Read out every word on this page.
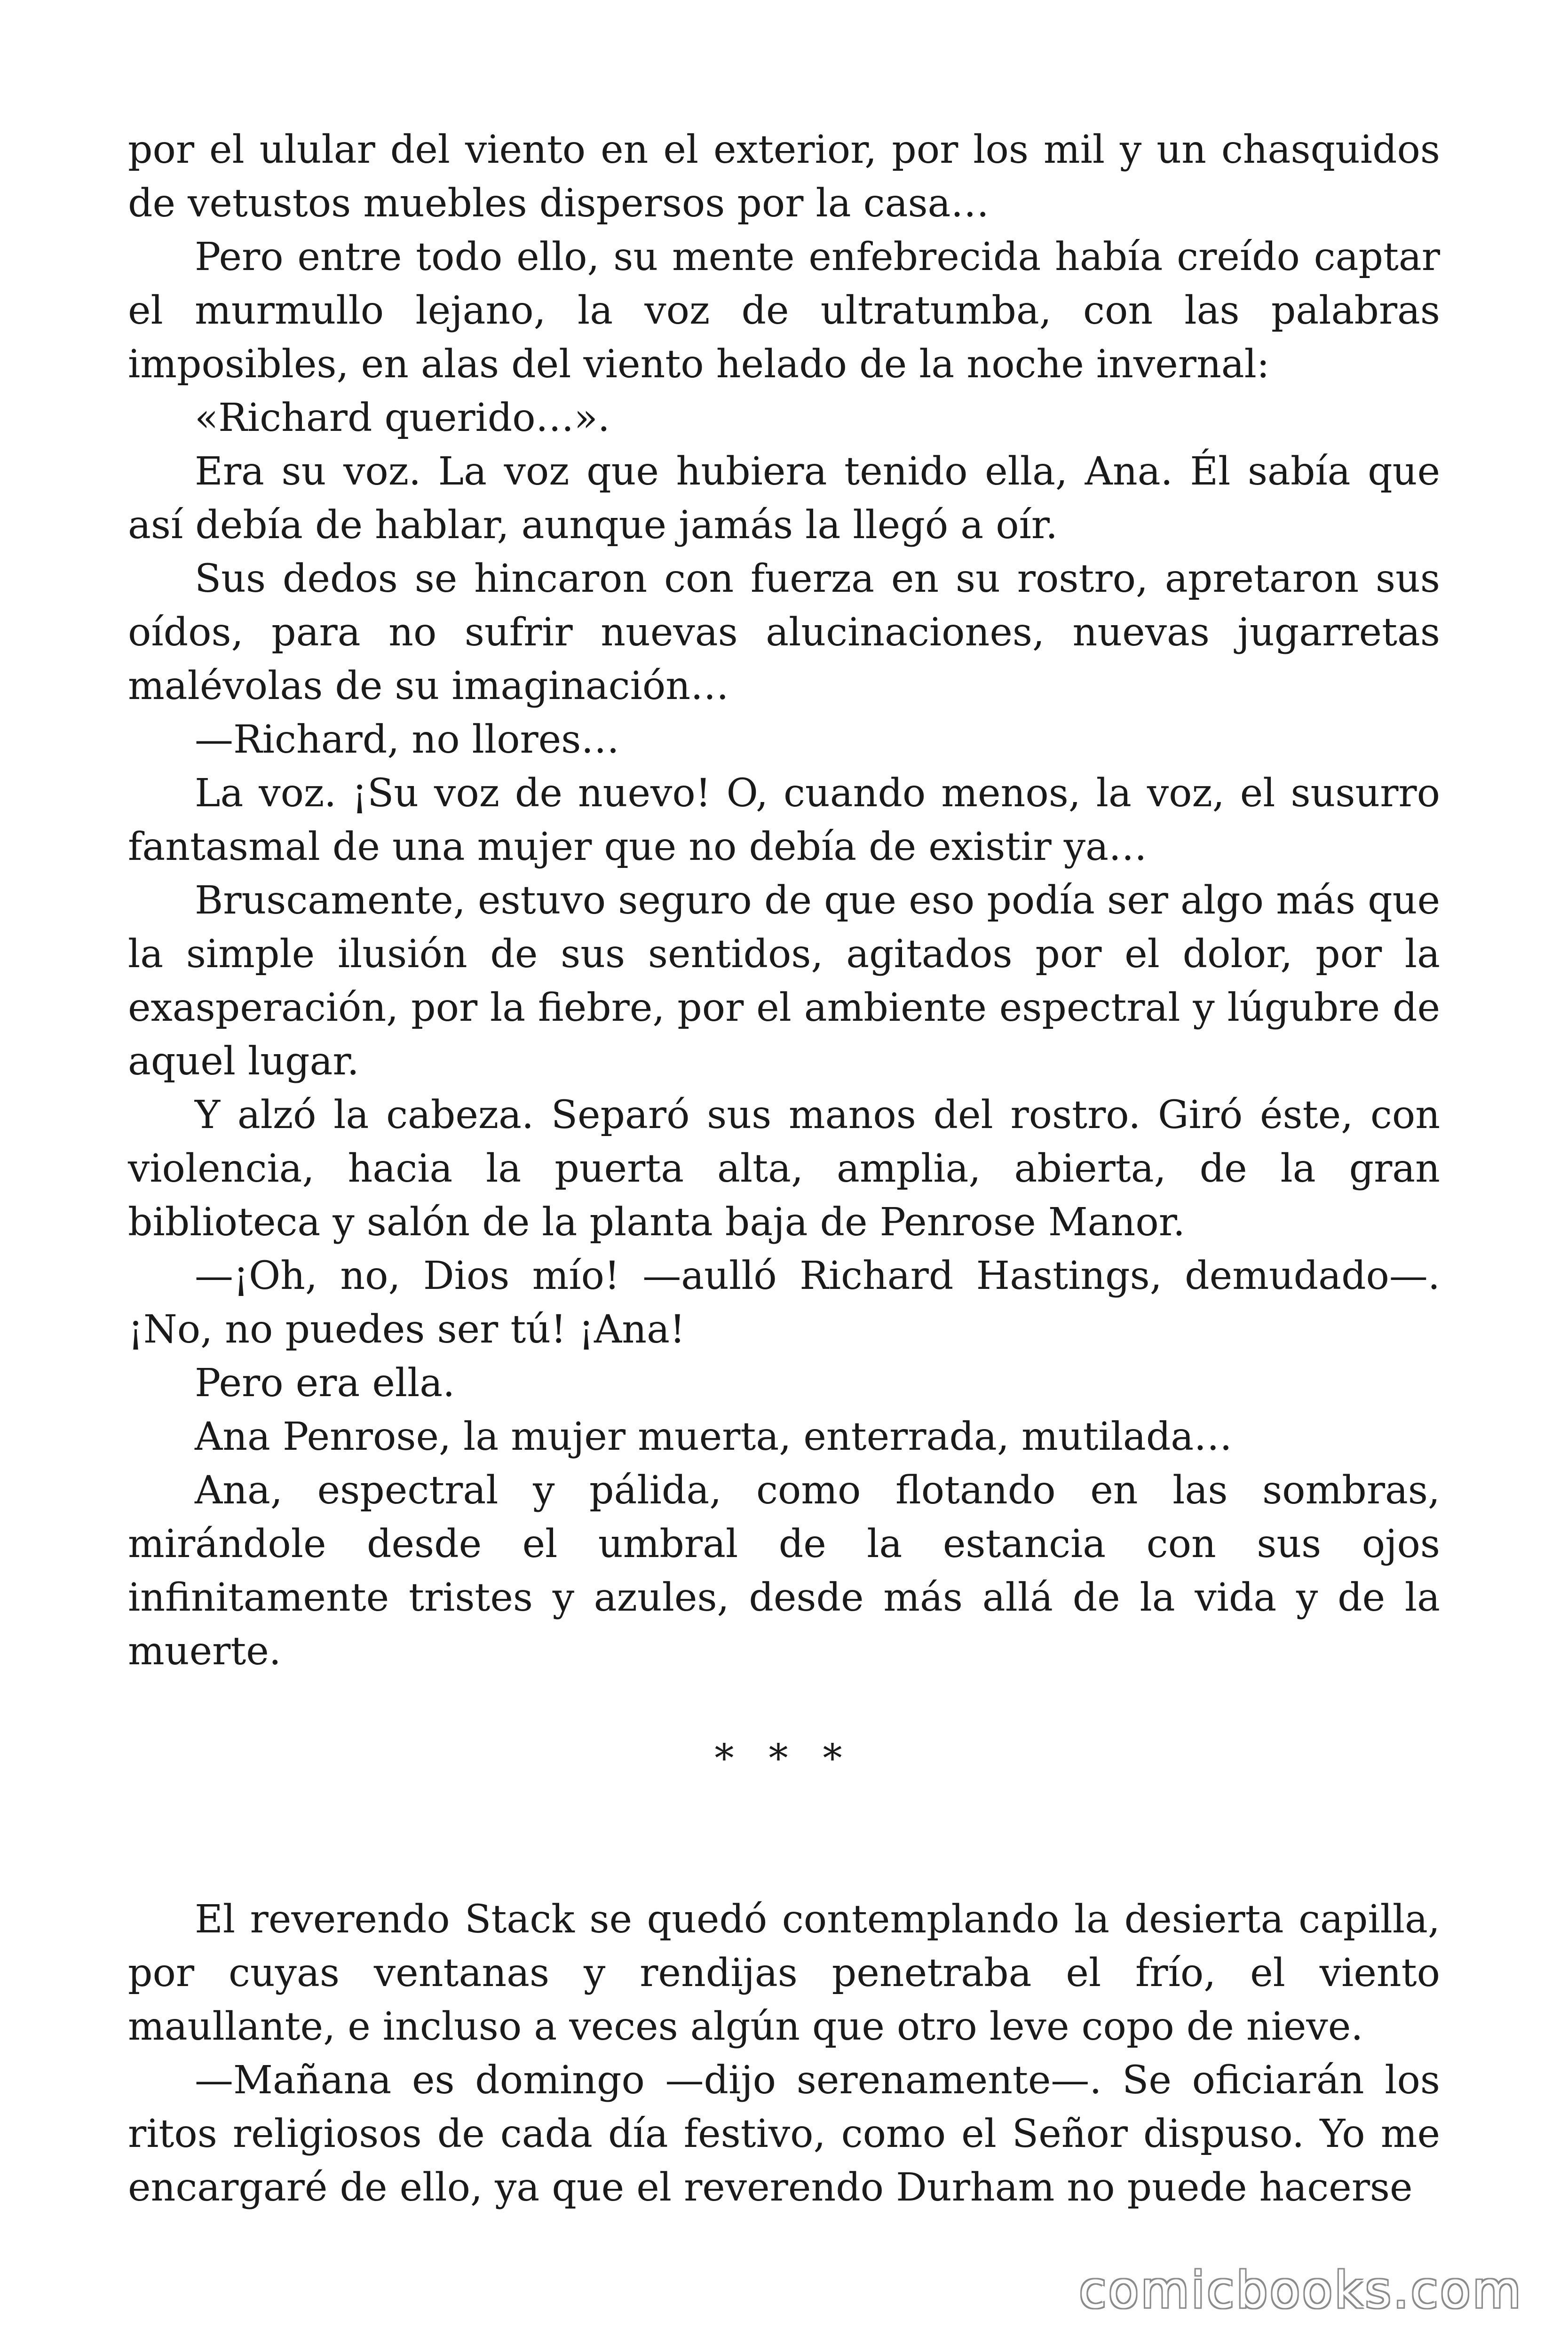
por el ulular del viento en el exterior, por los mil y un chasquidos de vetustos muebles dispersos por la casa…

Pero entre todo ello, su mente enfebrecida había creído captar el murmullo lejano, la voz de ultratumba, con las palabras imposibles, en alas del viento helado de la noche invernal:

«Richard querido…».

Era su voz. La voz que hubiera tenido ella, Ana. Él sabía que así debía de hablar, aunque jamás la llegó a oír.

Sus dedos se hincaron con fuerza en su rostro, apretaron sus oídos, para no sufrir nuevas alucinaciones, nuevas jugarretas malévolas de su imaginación…

—Richard, no llores…

La voz. ¡Su voz de nuevo! O, cuando menos, la voz, el susurro fantasmal de una mujer que no debía de existir ya…

Bruscamente, estuvo seguro de que eso podía ser algo más que la simple ilusión de sus sentidos, agitados por el dolor, por la exasperación, por la fiebre, por el ambiente espectral y lúgubre de aquel lugar.

Y alzó la cabeza. Separó sus manos del rostro. Giró éste, con violencia, hacia la puerta alta, amplia, abierta, de la gran biblioteca y salón de la planta baja de Penrose Manor.

—¡Oh, no, Dios mío! —aulló Richard Hastings, demudado—. ¡No, no puedes ser tú! ¡Ana!

Pero era ella.

Ana Penrose, la mujer muerta, enterrada, mutilada…

Ana, espectral y pálida, como flotando en las sombras, mirándole desde el umbral de la estancia con sus ojos infinitamente tristes y azules, desde más allá de la vida y de la muerte.

* * *

El reverendo Stack se quedó contemplando la desierta capilla, por cuyas ventanas y rendijas penetraba el frío, el viento maullante, e incluso a veces algún que otro leve copo de nieve.

—Mañana es domingo —dijo serenamente—. Se oficiarán los ritos religiosos de cada día festivo, como el Señor dispuso. Yo me encargaré de ello, ya que el reverendo Durham no puede hacerse

comicbooks.com
